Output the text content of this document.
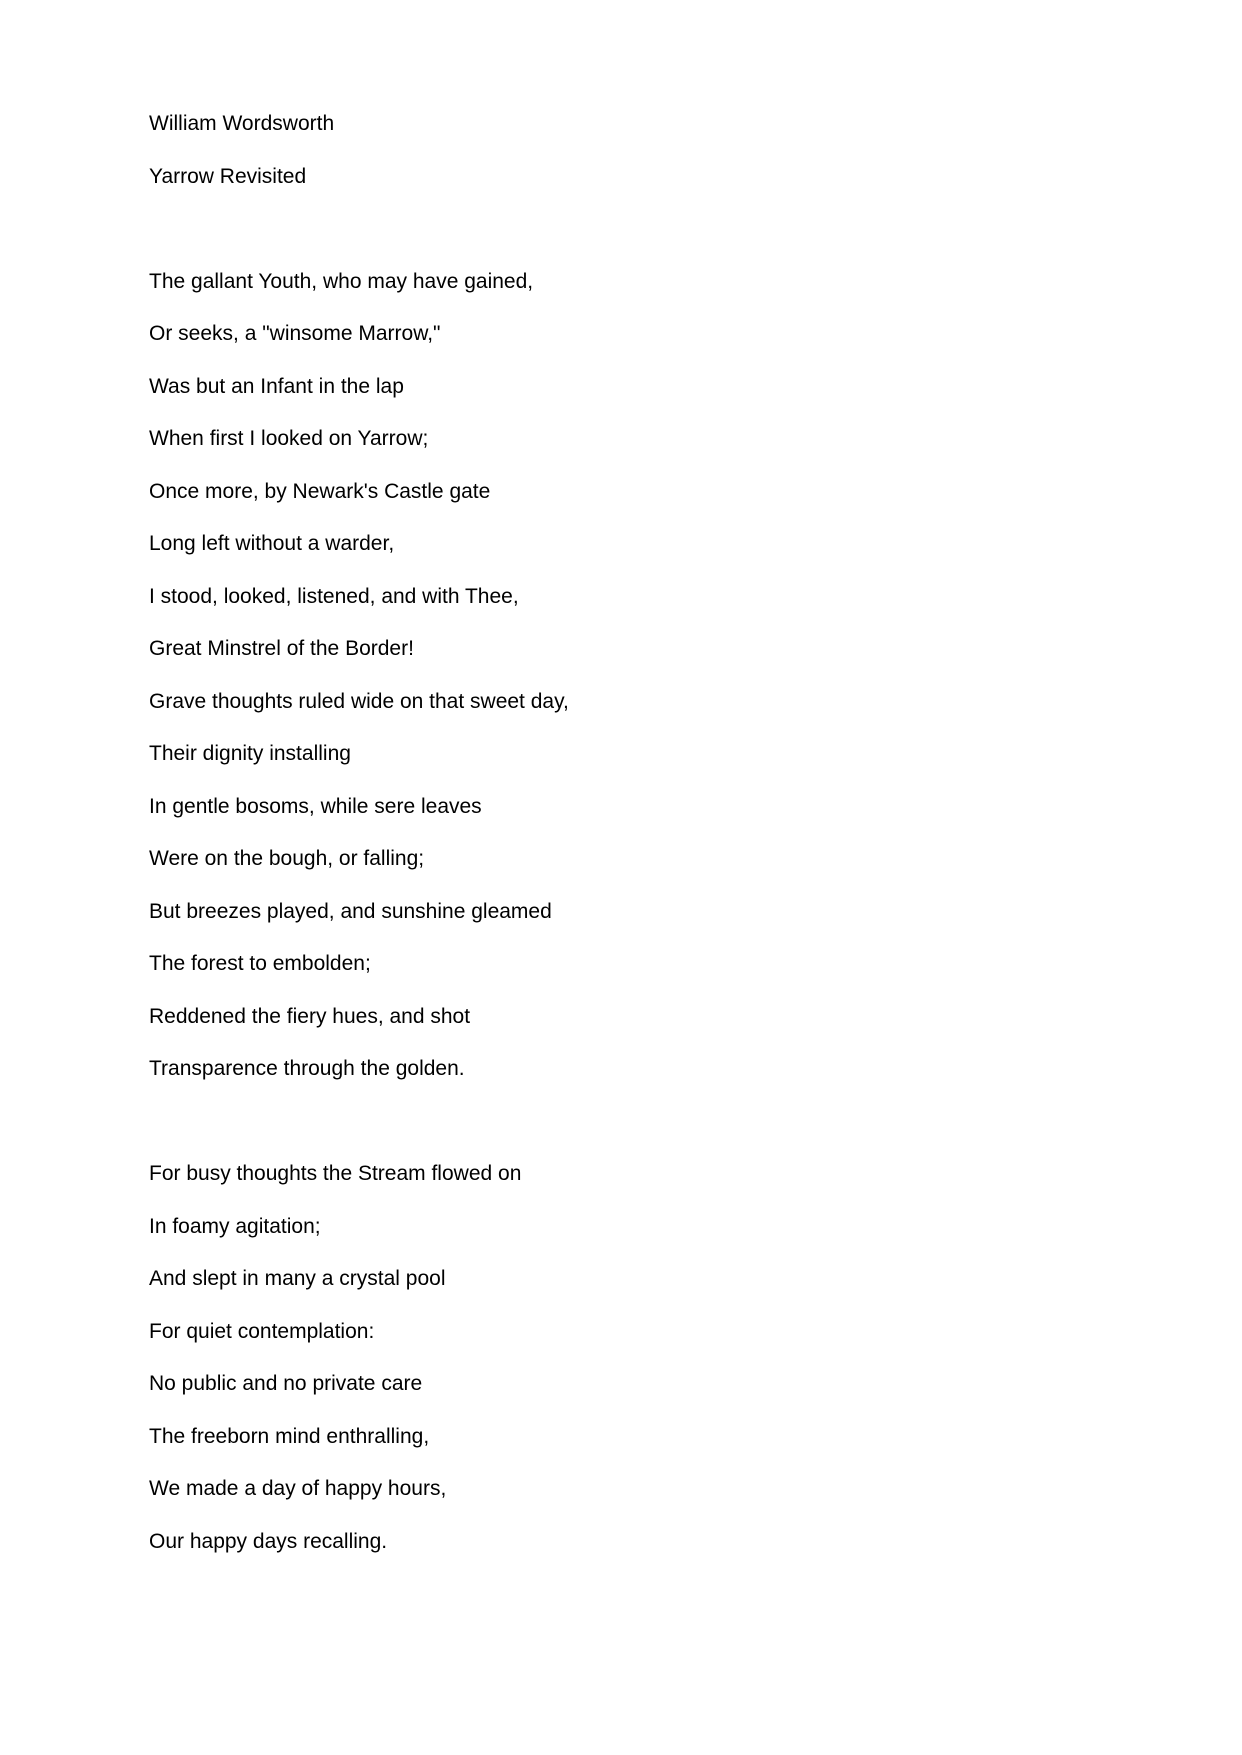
William Wordsworth
Yarrow Revisited
The gallant Youth, who may have gained,
Or seeks, a "winsome Marrow,"
Was but an Infant in the lap
When first I looked on Yarrow;
Once more, by Newark's Castle gate
Long left without a warder,
I stood, looked, listened, and with Thee,
Great Minstrel of the Border!
Grave thoughts ruled wide on that sweet day,
Their dignity installing
In gentle bosoms, while sere leaves
Were on the bough, or falling;
But breezes played, and sunshine gleamed
The forest to embolden;
Reddened the fiery hues, and shot
Transparence through the golden.
For busy thoughts the Stream flowed on
In foamy agitation;
And slept in many a crystal pool
For quiet contemplation:
No public and no private care
The freeborn mind enthralling,
We made a day of happy hours,
Our happy days recalling.
